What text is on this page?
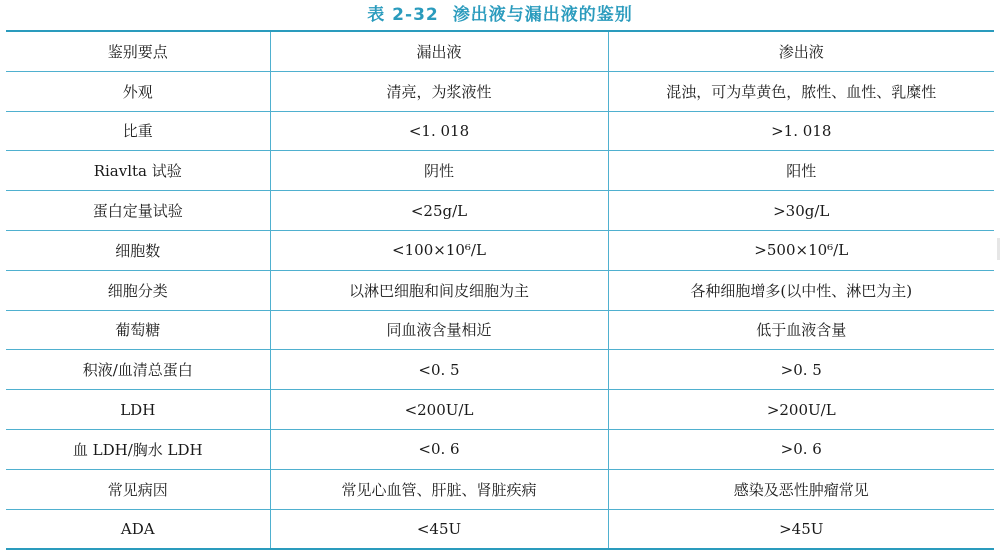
表 2-32 渗出液与漏出液的鉴别
鉴别要点	漏出液	渗出液
外观	清亮，为浆液性	混浊，可为草黄色，脓性、血性、乳糜性
比重	<1. 018	>1. 018
Riavlta 试验	阴性	阳性
蛋白定量试验	<25g/L	>30g/L
细胞数	<100×10⁶/L	>500×10⁶/L
细胞分类	以淋巴细胞和间皮细胞为主	各种细胞增多(以中性、淋巴为主)
葡萄糖	同血液含量相近	低于血液含量
积液/血清总蛋白	<0. 5	>0. 5
LDH	<200U/L	>200U/L
血 LDH/胸水 LDH	<0. 6	>0. 6
常见病因	常见心血管、肝脏、肾脏疾病	感染及恶性肿瘤常见
ADA	<45U	>45U
